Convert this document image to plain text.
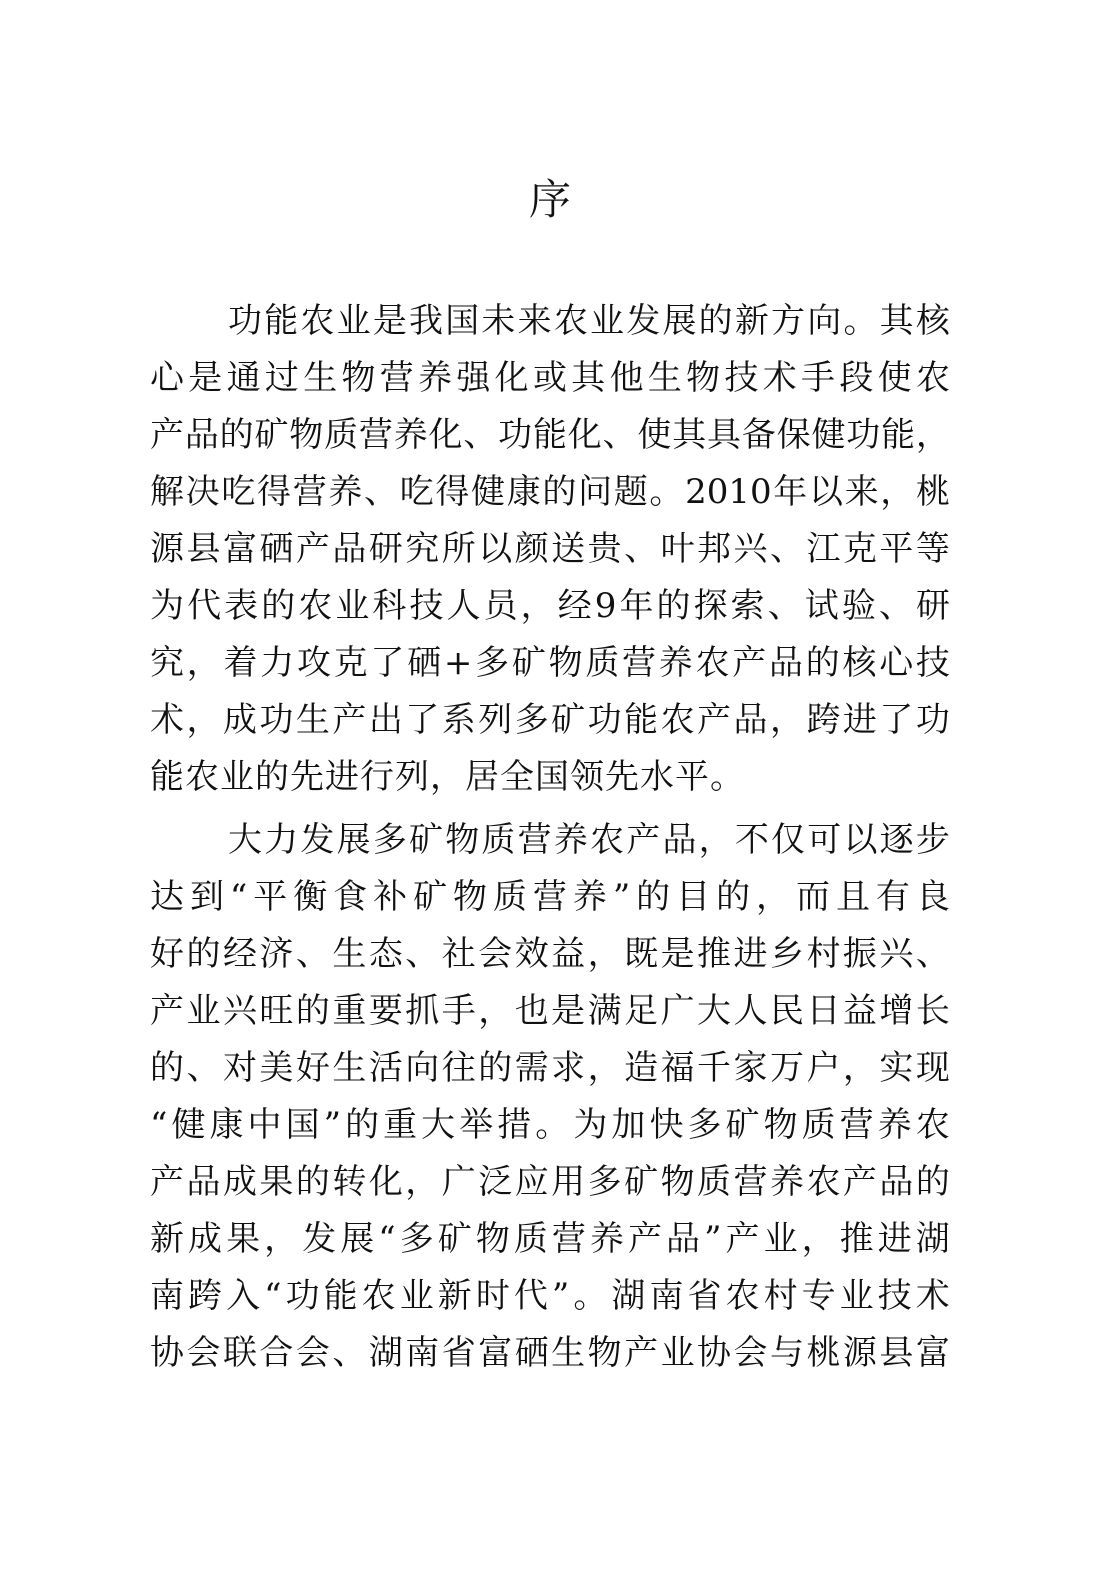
序
功 能 农 业 是 我 国 未 来 农 业 发 展 的 新 方 向 。 其 核
心 是 通 过 生 物 营 养 强 化 或 其 他 生 物 技 术 手 段 使 农
产 品 的 矿 物 质 营 养 化 、 功 能 化 、 使 其 具 备 保 健 功 能 ，
解 决 吃 得 营 养 、 吃 得 健 康 的 问 题 。 2010 年 以 来 ， 桃
源 县 富 硒 产 品 研 究 所 以 颜 送 贵 、 叶 邦 兴 、 江 克 平 等
为 代 表 的 农 业 科 技 人 员 ， 经 9 年 的 探 索 、 试 验 、 研
究 ， 着 力 攻 克 了 硒 + 多 矿 物 质 营 养 农 产 品 的 核 心 技
术 ， 成 功 生 产 出 了 系 列 多 矿 功 能 农 产 品 ， 跨 进 了 功
能农业的先进行列，居全国领先水平。
大 力 发 展 多 矿 物 质 营 养 农 产 品 ， 不 仅 可 以 逐 步
达 到 “ 平 衡 食 补 矿 物 质 营 养 ” 的 目 的 ， 而 且 有 良
好 的 经 济 、 生 态 、 社 会 效 益 ， 既 是 推 进 乡 村 振 兴 、
产 业 兴 旺 的 重 要 抓 手 ， 也 是 满 足 广 大 人 民 日 益 增 长
的 、 对 美 好 生 活 向 往 的 需 求 ， 造 福 千 家 万 户 ， 实 现
“ 健 康 中 国 ” 的 重 大 举 措 。 为 加 快 多 矿 物 质 营 养 农
产 品 成 果 的 转 化 ， 广 泛 应 用 多 矿 物 质 营 养 农 产 品 的
新 成 果 ， 发 展 “ 多 矿 物 质 营 养 产 品 ” 产 业 ， 推 进 湖
南 跨 入 “ 功 能 农 业 新 时 代 ” 。 湖 南 省 农 村 专 业 技 术
协 会 联 合 会 、 湖 南 省 富 硒 生 物 产 业 协 会 与 桃 源 县 富
